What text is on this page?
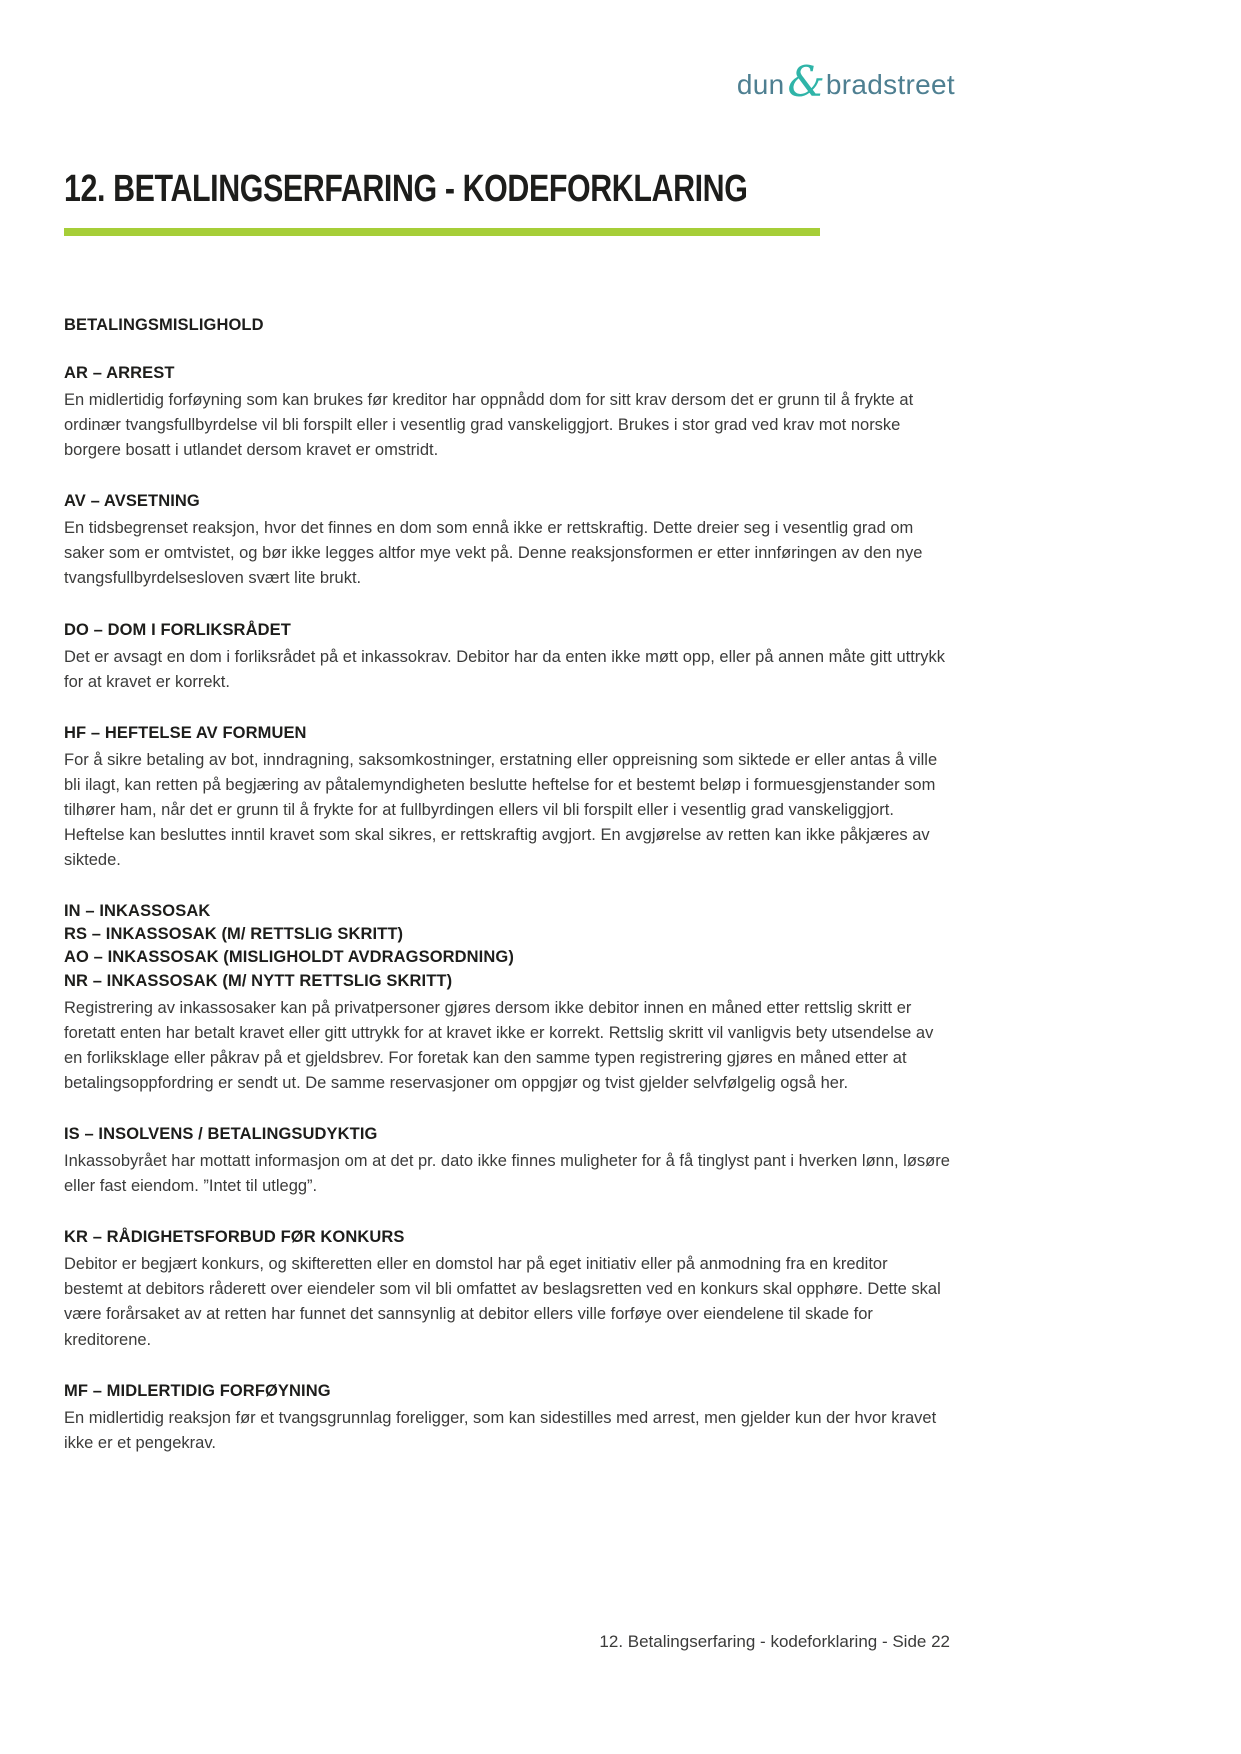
dun & bradstreet
12. BETALINGSERFARING - KODEFORKLARING
BETALINGSMISLIGHOLD
AR – ARREST

En midlertidig forføyning som kan brukes før kreditor har oppnådd dom for sitt krav dersom det er grunn til å frykte at ordinær tvangsfullbyrdelse vil bli forspilt eller i vesentlig grad vanskeliggjort. Brukes i stor grad ved krav mot norske borgere bosatt i utlandet dersom kravet er omstridt.

AV – AVSETNING

En tidsbegrenset reaksjon, hvor det finnes en dom som ennå ikke er rettskraftig. Dette dreier seg i vesentlig grad om saker som er omtvistet, og bør ikke legges altfor mye vekt på. Denne reaksjonsformen er etter innføringen av den nye tvangsfullbyrdelsesloven svært lite brukt.

DO – DOM I FORLIKSRÅDET

Det er avsagt en dom i forliksrådet på et inkassokrav. Debitor har da enten ikke møtt opp, eller på annen måte gitt uttrykk for at kravet er korrekt.

HF – HEFTELSE AV FORMUEN

For å sikre betaling av bot, inndragning, saksomkostninger, erstatning eller oppreisning som siktede er eller antas å ville bli ilagt, kan retten på begjæring av påtalemyndigheten beslutte heftelse for et bestemt beløp i formuesgjenstander som tilhører ham, når det er grunn til å frykte for at fullbyrdingen ellers vil bli forspilt eller i vesentlig grad vanskeliggjort. Heftelse kan besluttes inntil kravet som skal sikres, er rettskraftig avgjort. En avgjørelse av retten kan ikke påkjæres av siktede.

IN – INKASSOSAK
RS – INKASSOSAK (M/ RETTSLIG SKRITT)
AO – INKASSOSAK (MISLIGHOLDT AVDRAGSORDNING)
NR – INKASSOSAK (M/ NYTT RETTSLIG SKRITT)

Registrering av inkassosaker kan på privatpersoner gjøres dersom ikke debitor innen en måned etter rettslig skritt er foretatt enten har betalt kravet eller gitt uttrykk for at kravet ikke er korrekt. Rettslig skritt vil vanligvis bety utsendelse av en forliksklage eller påkrav på et gjeldsbrev. For foretak kan den samme typen registrering gjøres en måned etter at betalingsoppfordring er sendt ut. De samme reservasjoner om oppgjør og tvist gjelder selvfølgelig også her.

IS – INSOLVENS / BETALINGSUDYKTIG

Inkassobyrået har mottatt informasjon om at det pr. dato ikke finnes muligheter for å få tinglyst pant i hverken lønn, løsøre eller fast eiendom. ”Intet til utlegg”.

KR – RÅDIGHETSFORBUD FØR KONKURS

Debitor er begjært konkurs, og skifteretten eller en domstol har på eget initiativ eller på anmodning fra en kreditor bestemt at debitors råderett over eiendeler som vil bli omfattet av beslagsretten ved en konkurs skal opphøre. Dette skal være forårsaket av at retten har funnet det sannsynlig at debitor ellers ville forføye over eiendelene til skade for kreditorene.

MF – MIDLERTIDIG FORFØYNING

En midlertidig reaksjon før et tvangsgrunnlag foreligger, som kan sidestilles med arrest, men gjelder kun der hvor kravet ikke er et pengekrav.

12. Betalingserfaring - kodeforklaring - Side 22
